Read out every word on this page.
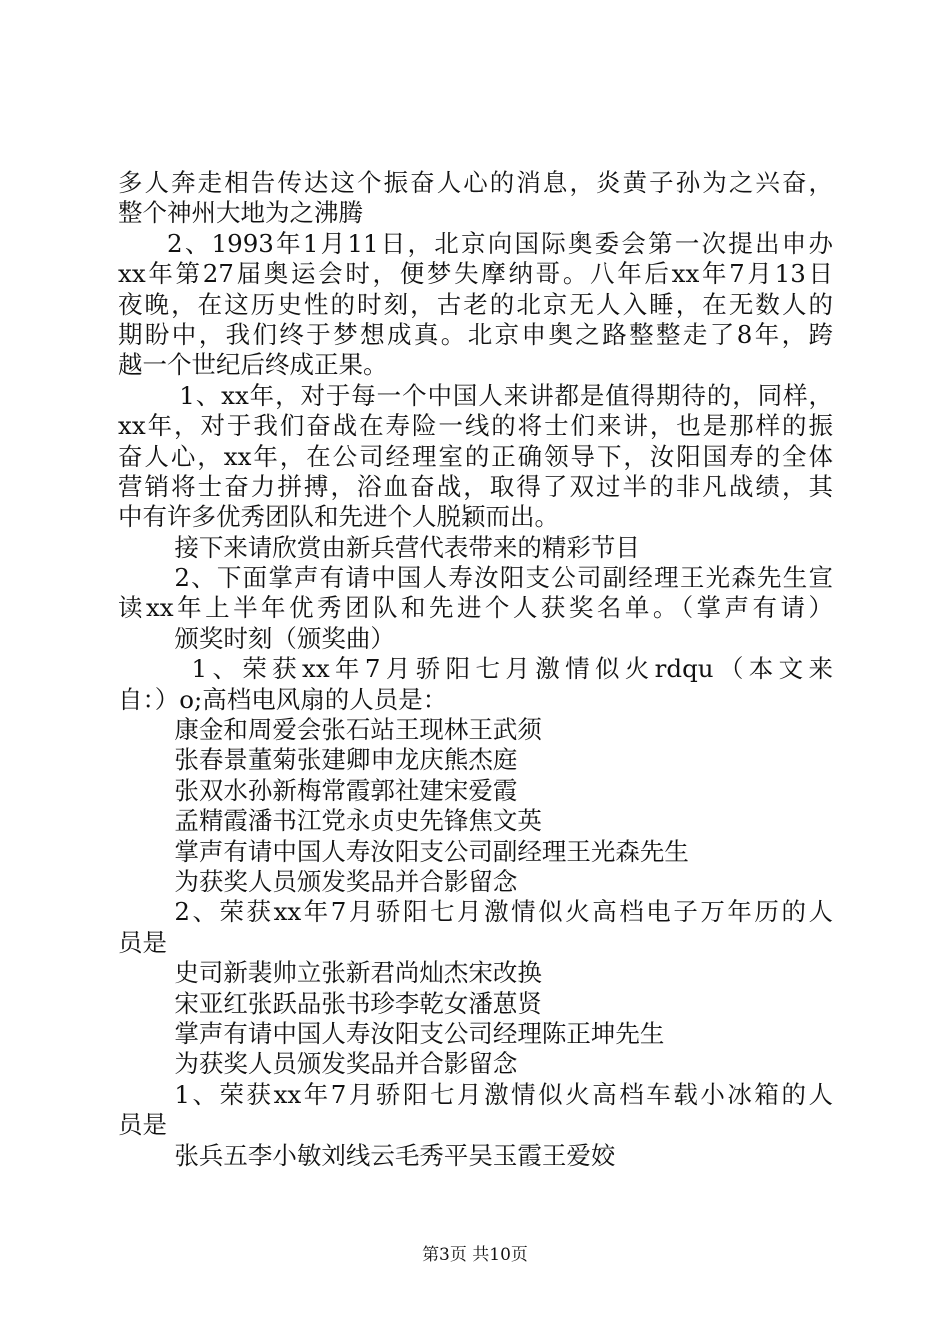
多人奔走相告传达这个振奋人心的消息，炎黄子孙为之兴奋，
整个神州大地为之沸腾
2、1993年1月11日，北京向国际奥委会第一次提出申办
xx年第27届奥运会时，便梦失摩纳哥。八年后xx年7月13日
夜晚，在这历史性的时刻，古老的北京无人入睡，在无数人的
期盼中，我们终于梦想成真。北京申奥之路整整走了8年，跨
越一个世纪后终成正果。
1、xx年，对于每一个中国人来讲都是值得期待的，同样，
xx年，对于我们奋战在寿险一线的将士们来讲，也是那样的振
奋人心，xx年，在公司经理室的正确领导下，汝阳国寿的全体
营销将士奋力拼搏，浴血奋战，取得了双过半的非凡战绩，其
中有许多优秀团队和先进个人脱颖而出。
接下来请欣赏由新兵营代表带来的精彩节目
2、下面掌声有请中国人寿汝阳支公司副经理王光森先生宣
读xx年上半年优秀团队和先进个人获奖名单。（掌声有请）
颁奖时刻（颁奖曲）
1、荣获xx年7月骄阳七月激情似火rdqu（本文来
自：）o;高档电风扇的人员是：
康金和周爱会张石站王现林王武须
张春景董菊张建卿申龙庆熊杰庭
张双水孙新梅常霞郭社建宋爱霞
孟精霞潘书江党永贞史先锋焦文英
掌声有请中国人寿汝阳支公司副经理王光森先生
为获奖人员颁发奖品并合影留念
2、荣获xx年7月骄阳七月激情似火高档电子万年历的人
员是
史司新裴帅立张新君尚灿杰宋改换
宋亚红张跃品张书珍李乾女潘葸贤
掌声有请中国人寿汝阳支公司经理陈正坤先生
为获奖人员颁发奖品并合影留念
1、荣获xx年7月骄阳七月激情似火高档车载小冰箱的人
员是
张兵五李小敏刘线云毛秀平吴玉霞王爱姣
第3页 共10页
